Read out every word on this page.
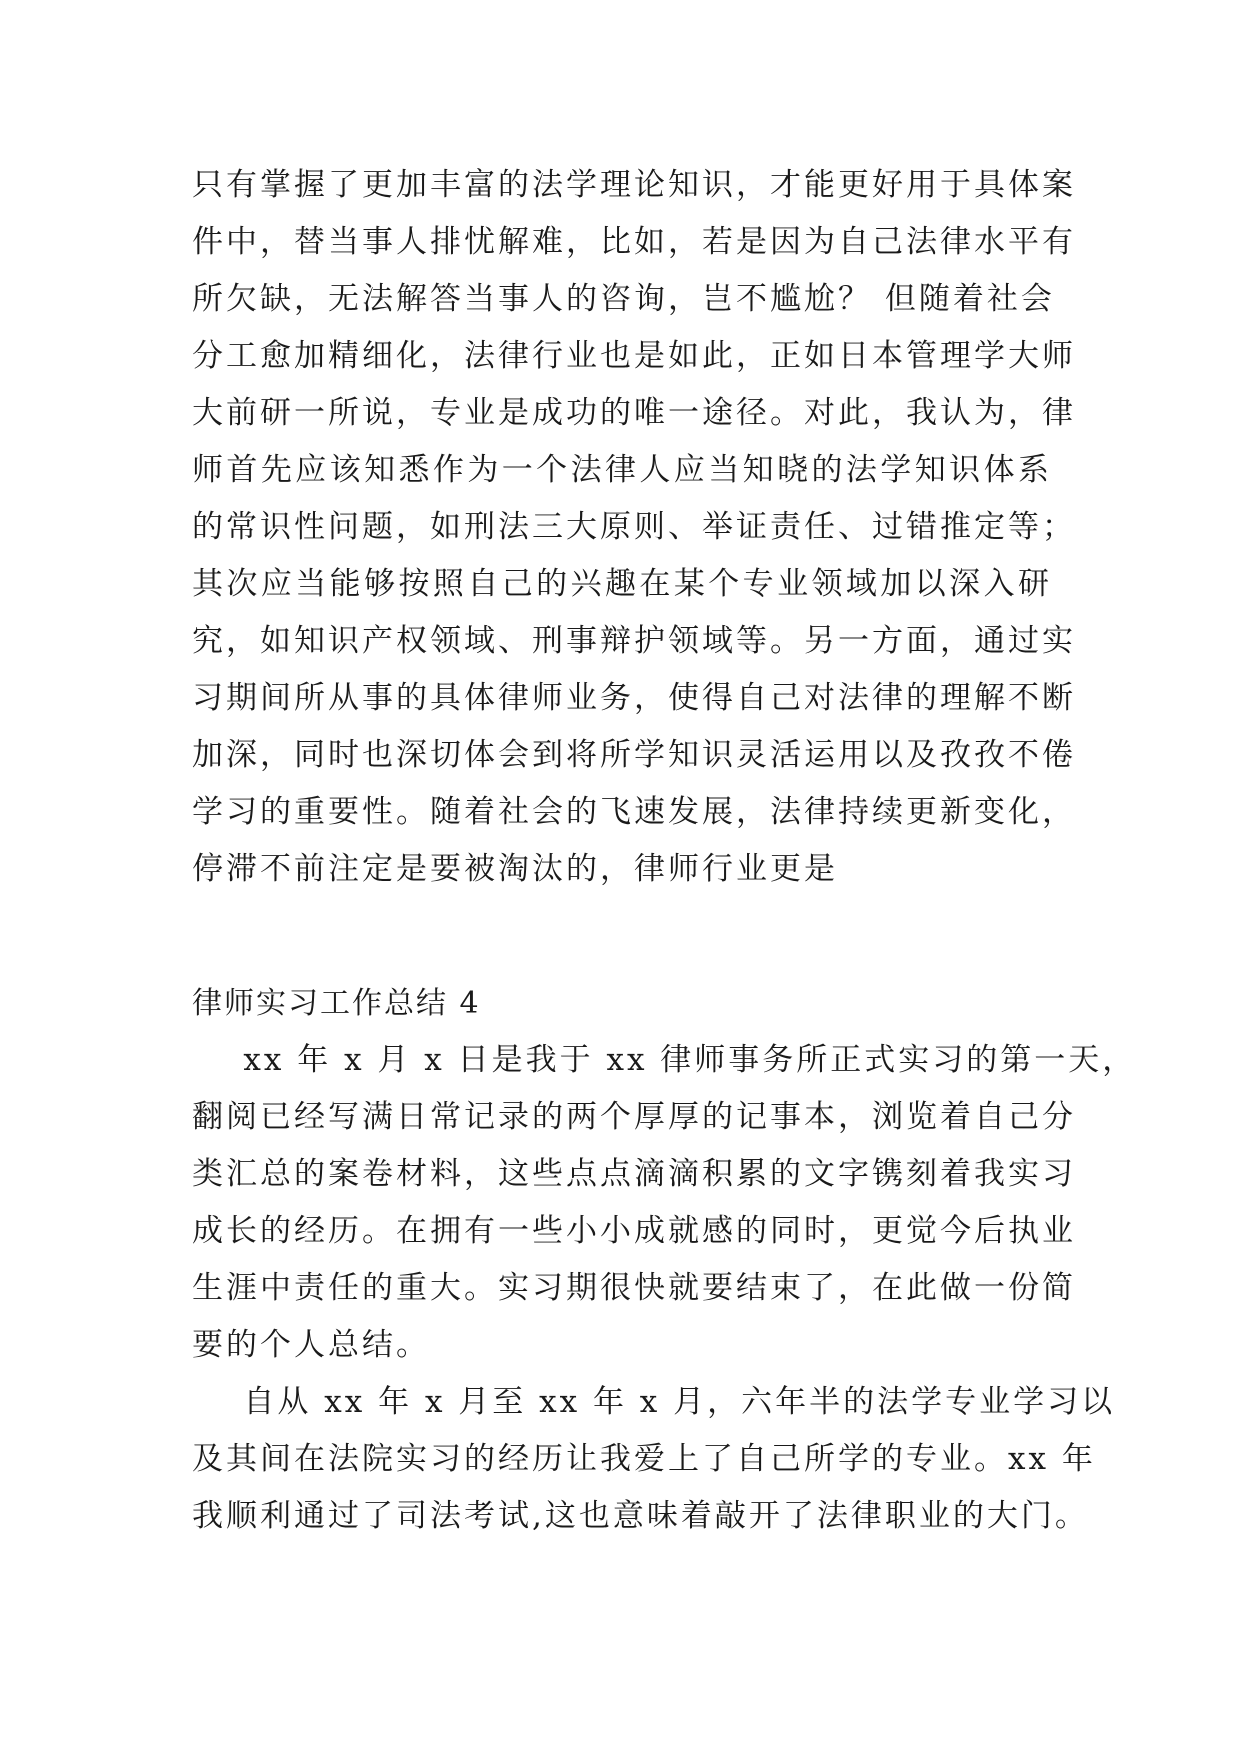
只有掌握了更加丰富的法学理论知识，才能更好用于具体案
件中，替当事人排忧解难，比如，若是因为自己法律水平有
所欠缺，无法解答当事人的咨询，岂不尴尬？ 但随着社会
分工愈加精细化，法律行业也是如此，正如日本管理学大师
大前研一所说，专业是成功的唯一途径。对此，我认为，律
师首先应该知悉作为一个法律人应当知晓的法学知识体系
的常识性问题，如刑法三大原则、举证责任、过错推定等；
其次应当能够按照自己的兴趣在某个专业领域加以深入研
究，如知识产权领域、刑事辩护领域等。另一方面，通过实
习期间所从事的具体律师业务，使得自己对法律的理解不断
加深，同时也深切体会到将所学知识灵活运用以及孜孜不倦
学习的重要性。随着社会的飞速发展，法律持续更新变化，
停滞不前注定是要被淘汰的，律师行业更是
律师实习工作总结 4
xx 年 x 月 x 日是我于 xx 律师事务所正式实习的第一天，
翻阅已经写满日常记录的两个厚厚的记事本，浏览着自己分
类汇总的案卷材料，这些点点滴滴积累的文字镌刻着我实习
成长的经历。在拥有一些小小成就感的同时，更觉今后执业
生涯中责任的重大。实习期很快就要结束了，在此做一份简
要的个人总结。
自从 xx 年 x 月至 xx 年 x 月，六年半的法学专业学习以
及其间在法院实习的经历让我爱上了自己所学的专业。xx 年
我顺利通过了司法考试,这也意味着敲开了法律职业的大门。
